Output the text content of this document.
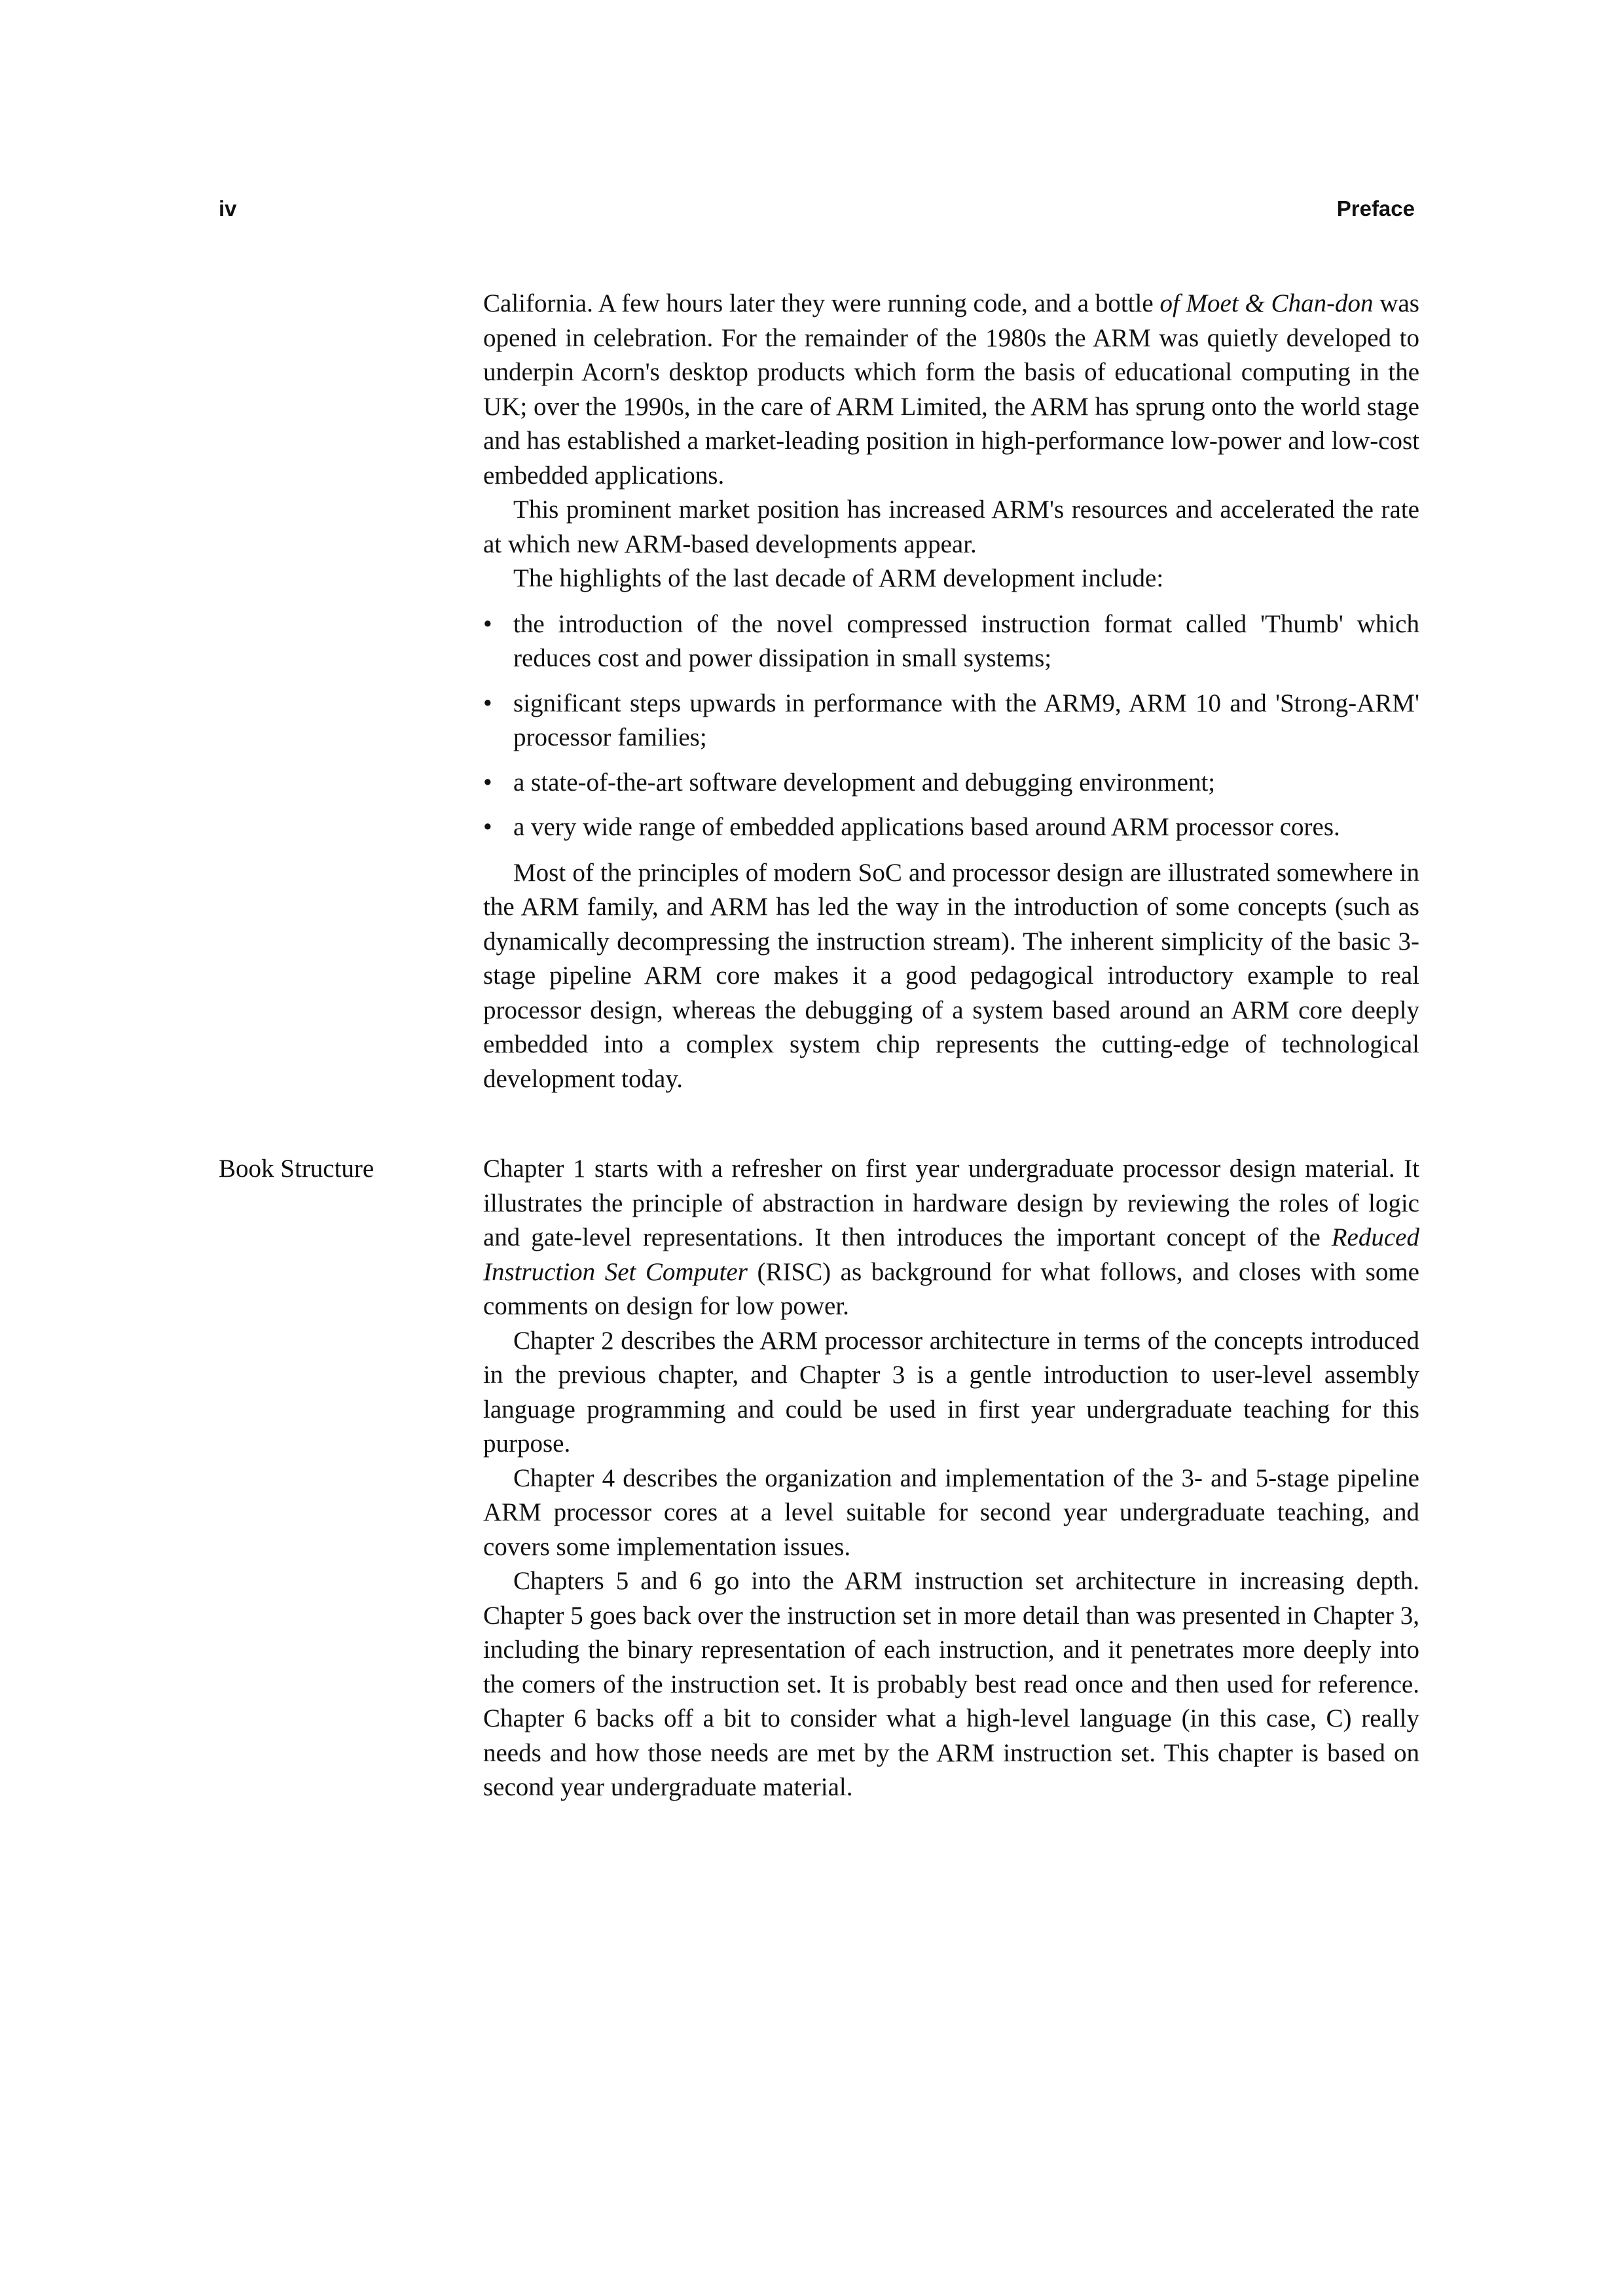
iv	Preface

California. A few hours later they were running code, and a bottle of Moet & Chan-don was opened in celebration. For the remainder of the 1980s the ARM was quietly developed to underpin Acorn's desktop products which form the basis of educational computing in the UK; over the 1990s, in the care of ARM Limited, the ARM has sprung onto the world stage and has established a market-leading position in high-performance low-power and low-cost embedded applications.

This prominent market position has increased ARM's resources and accelerated the rate at which new ARM-based developments appear.

The highlights of the last decade of ARM development include:

• the introduction of the novel compressed instruction format called 'Thumb' which reduces cost and power dissipation in small systems;
• significant steps upwards in performance with the ARM9, ARM 10 and 'Strong-ARM' processor families;
• a state-of-the-art software development and debugging environment;
• a very wide range of embedded applications based around ARM processor cores.

Most of the principles of modern SoC and processor design are illustrated somewhere in the ARM family, and ARM has led the way in the introduction of some concepts (such as dynamically decompressing the instruction stream). The inherent simplicity of the basic 3-stage pipeline ARM core makes it a good pedagogical introductory example to real processor design, whereas the debugging of a system based around an ARM core deeply embedded into a complex system chip represents the cutting-edge of technological development today.

Book Structure	Chapter 1 starts with a refresher on first year undergraduate processor design material. It illustrates the principle of abstraction in hardware design by reviewing the roles of logic and gate-level representations. It then introduces the important concept of the Reduced Instruction Set Computer (RISC) as background for what follows, and closes with some comments on design for low power.

Chapter 2 describes the ARM processor architecture in terms of the concepts introduced in the previous chapter, and Chapter 3 is a gentle introduction to user-level assembly language programming and could be used in first year undergraduate teaching for this purpose.

Chapter 4 describes the organization and implementation of the 3- and 5-stage pipeline ARM processor cores at a level suitable for second year undergraduate teaching, and covers some implementation issues.

Chapters 5 and 6 go into the ARM instruction set architecture in increasing depth. Chapter 5 goes back over the instruction set in more detail than was presented in Chapter 3, including the binary representation of each instruction, and it penetrates more deeply into the comers of the instruction set. It is probably best read once and then used for reference. Chapter 6 backs off a bit to consider what a high-level language (in this case, C) really needs and how those needs are met by the ARM instruction set. This chapter is based on second year undergraduate material.
